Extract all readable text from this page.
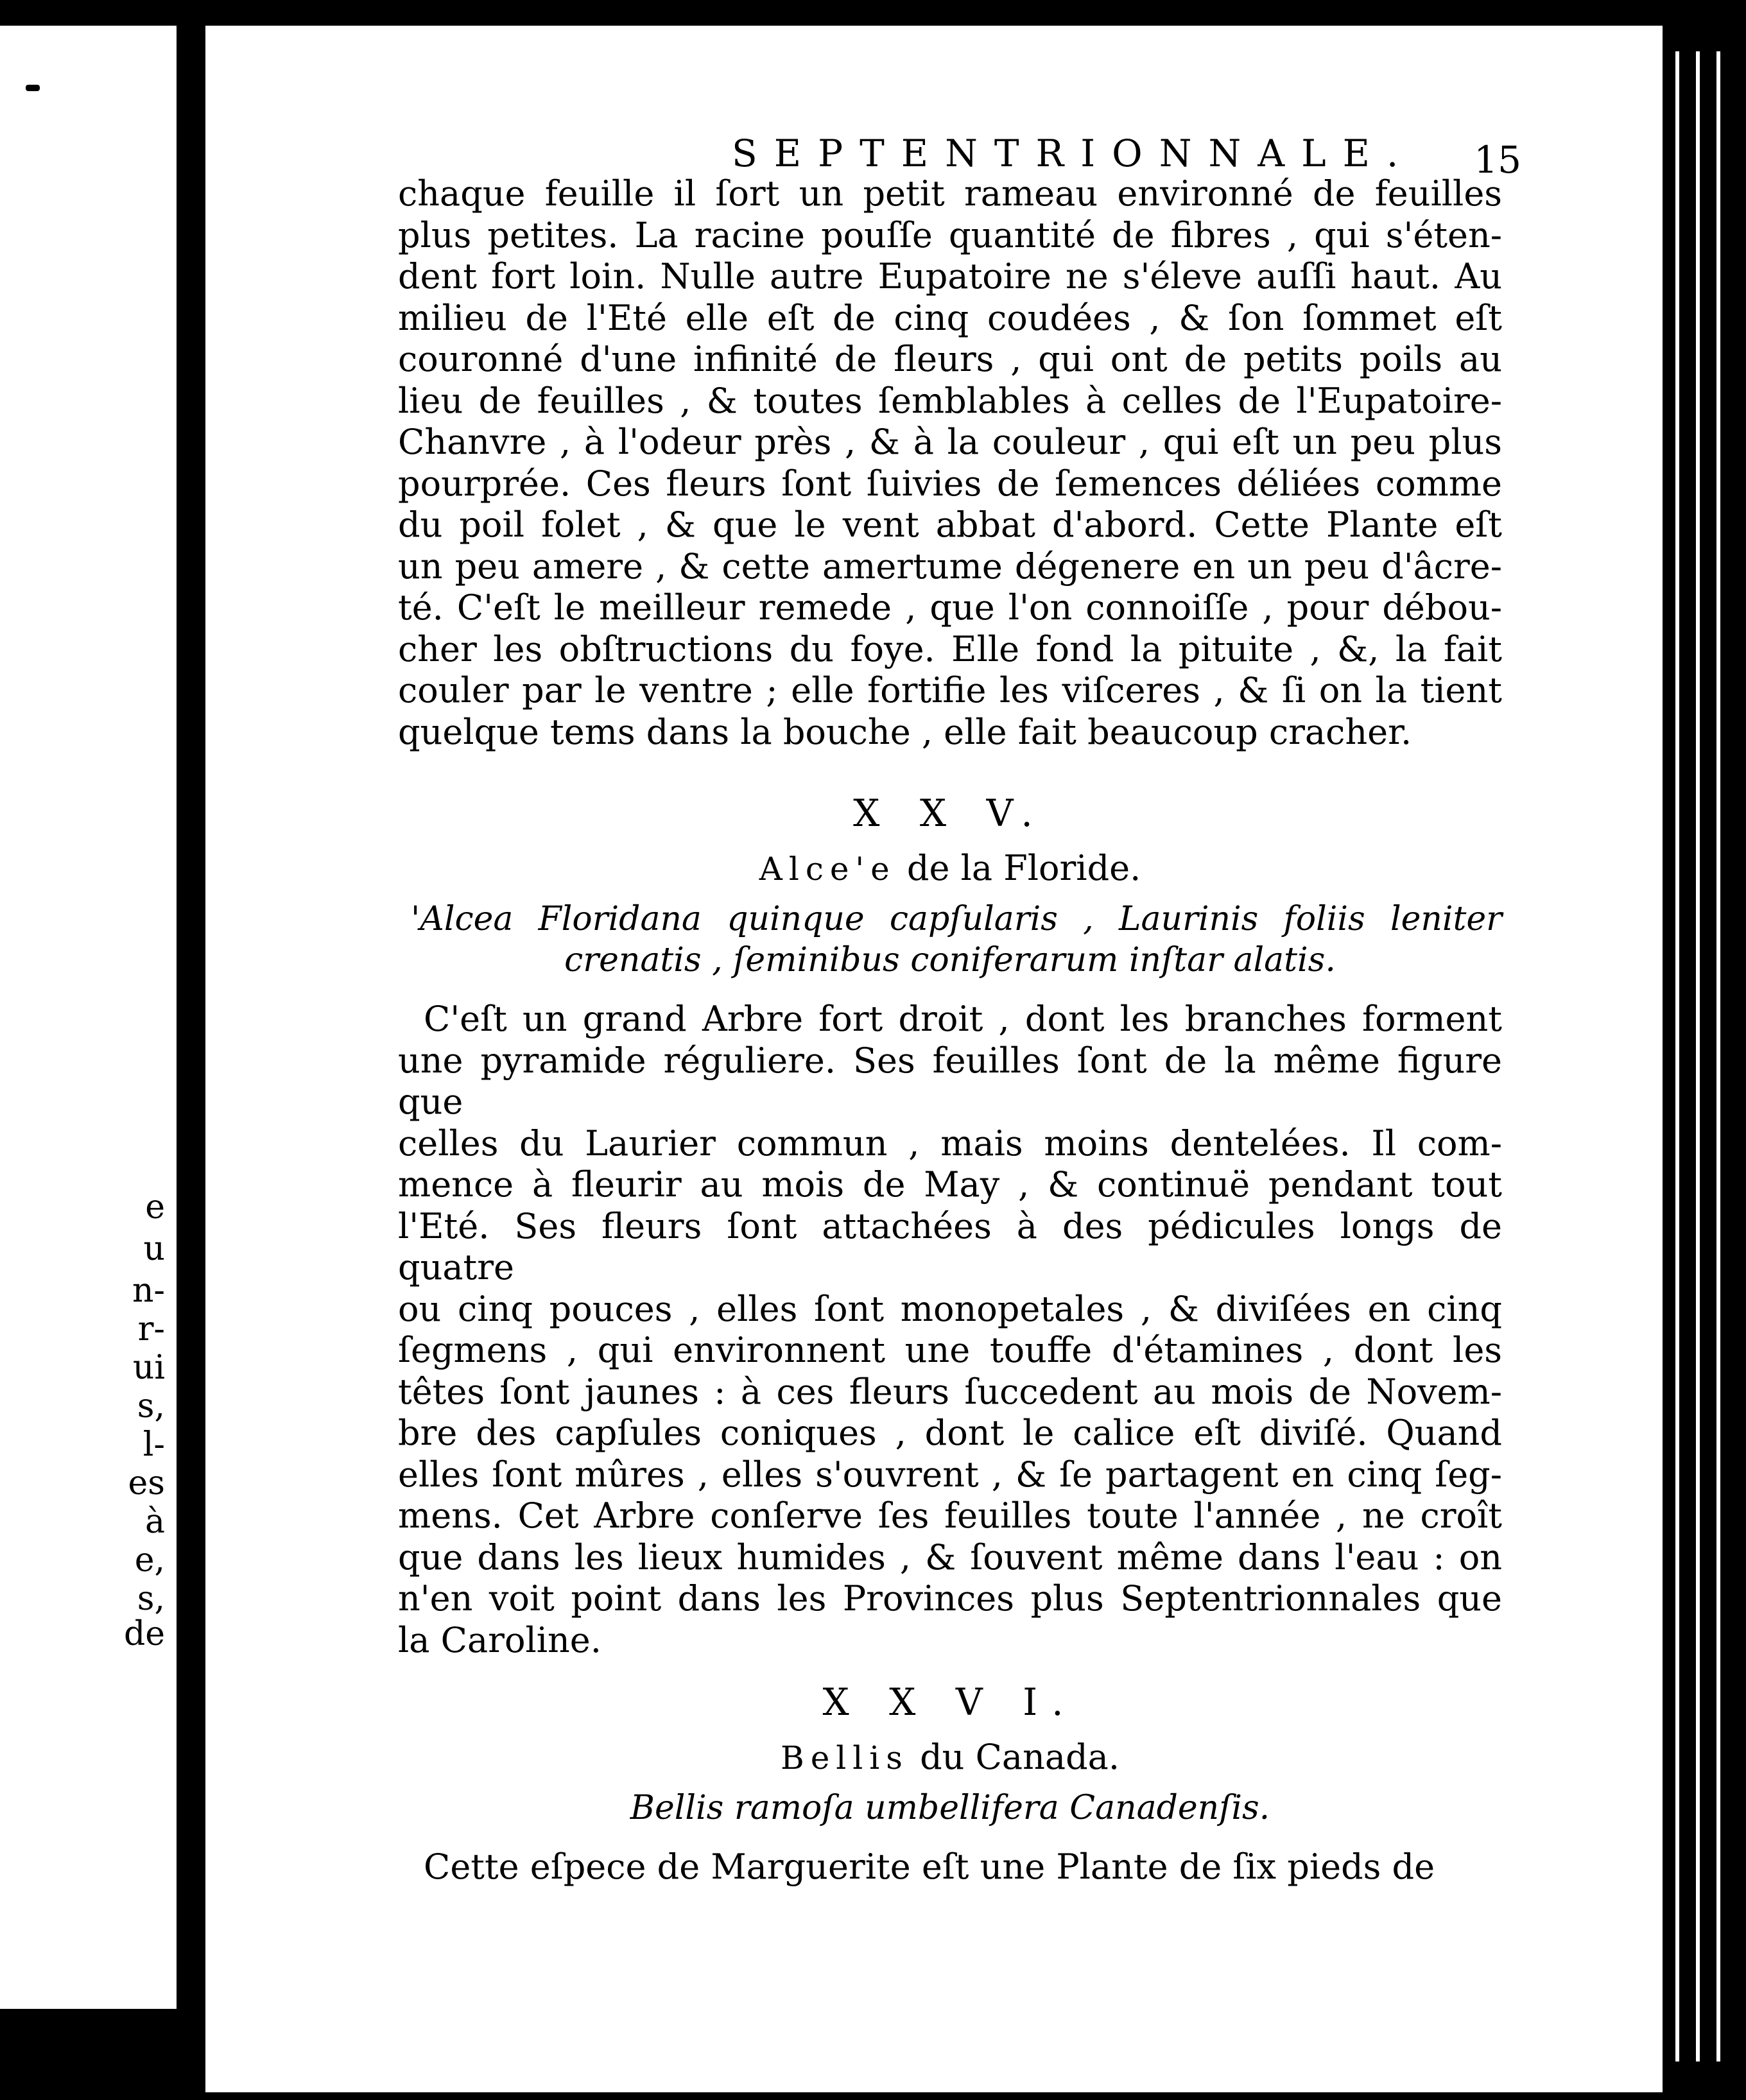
e
u
n-
r-
ui
s,
l-
es
à
e,
s,
de
SEPTENTRIONNALE. 15
chaque feuille il ſort un petit rameau environné de feuilles
plus petites. La racine pouſſe quantité de fibres , qui s'éten-
dent fort loin. Nulle autre Eupatoire ne s'éleve auſſi haut. Au
milieu de l'Eté elle eſt de cinq coudées , & ſon ſommet eſt
couronné d'une infinité de fleurs , qui ont de petits poils au
lieu de feuilles , & toutes ſemblables à celles de l'Eupatoire-
Chanvre , à l'odeur près , & à la couleur , qui eſt un peu plus
pourprée. Ces fleurs ſont ſuivies de ſemences déliées comme
du poil folet , & que le vent abbat d'abord. Cette Plante eſt
un peu amere , & cette amertume dégenere en un peu d'âcre-
té. C'eſt le meilleur remede , que l'on connoiſſe , pour débou-
cher les obſtructions du foye. Elle fond la pituite , &, la fait
couler par le ventre ; elle fortifie les viſceres , & ſi on la tient
quelque tems dans la bouche , elle fait beaucoup cracher.
X X V.
Alce'e de la Floride.
'Alcea Floridana quinque capſularis , Laurinis foliis leniter
crenatis , ſeminibus coniferarum inſtar alatis.
C'eſt un grand Arbre fort droit , dont les branches forment
une pyramide réguliere. Ses feuilles ſont de la même figure que
celles du Laurier commun , mais moins dentelées. Il com-
mence à fleurir au mois de May , & continuë pendant tout
l'Eté. Ses fleurs ſont attachées à des pédicules longs de quatre
ou cinq pouces , elles ſont monopetales , & diviſées en cinq
ſegmens , qui environnent une touffe d'étamines , dont les
têtes ſont jaunes : à ces fleurs ſuccedent au mois de Novem-
bre des capſules coniques , dont le calice eſt diviſé. Quand
elles ſont mûres , elles s'ouvrent , & ſe partagent en cinq ſeg-
mens. Cet Arbre conſerve ſes feuilles toute l'année , ne croît
que dans les lieux humides , & ſouvent même dans l'eau : on
n'en voit point dans les Provinces plus Septentrionnales que
la Caroline.
X X V I.
Bellis du Canada.
Bellis ramoſa umbellifera Canadenſis.
Cette eſpece de Marguerite eſt une Plante de ſix pieds de
